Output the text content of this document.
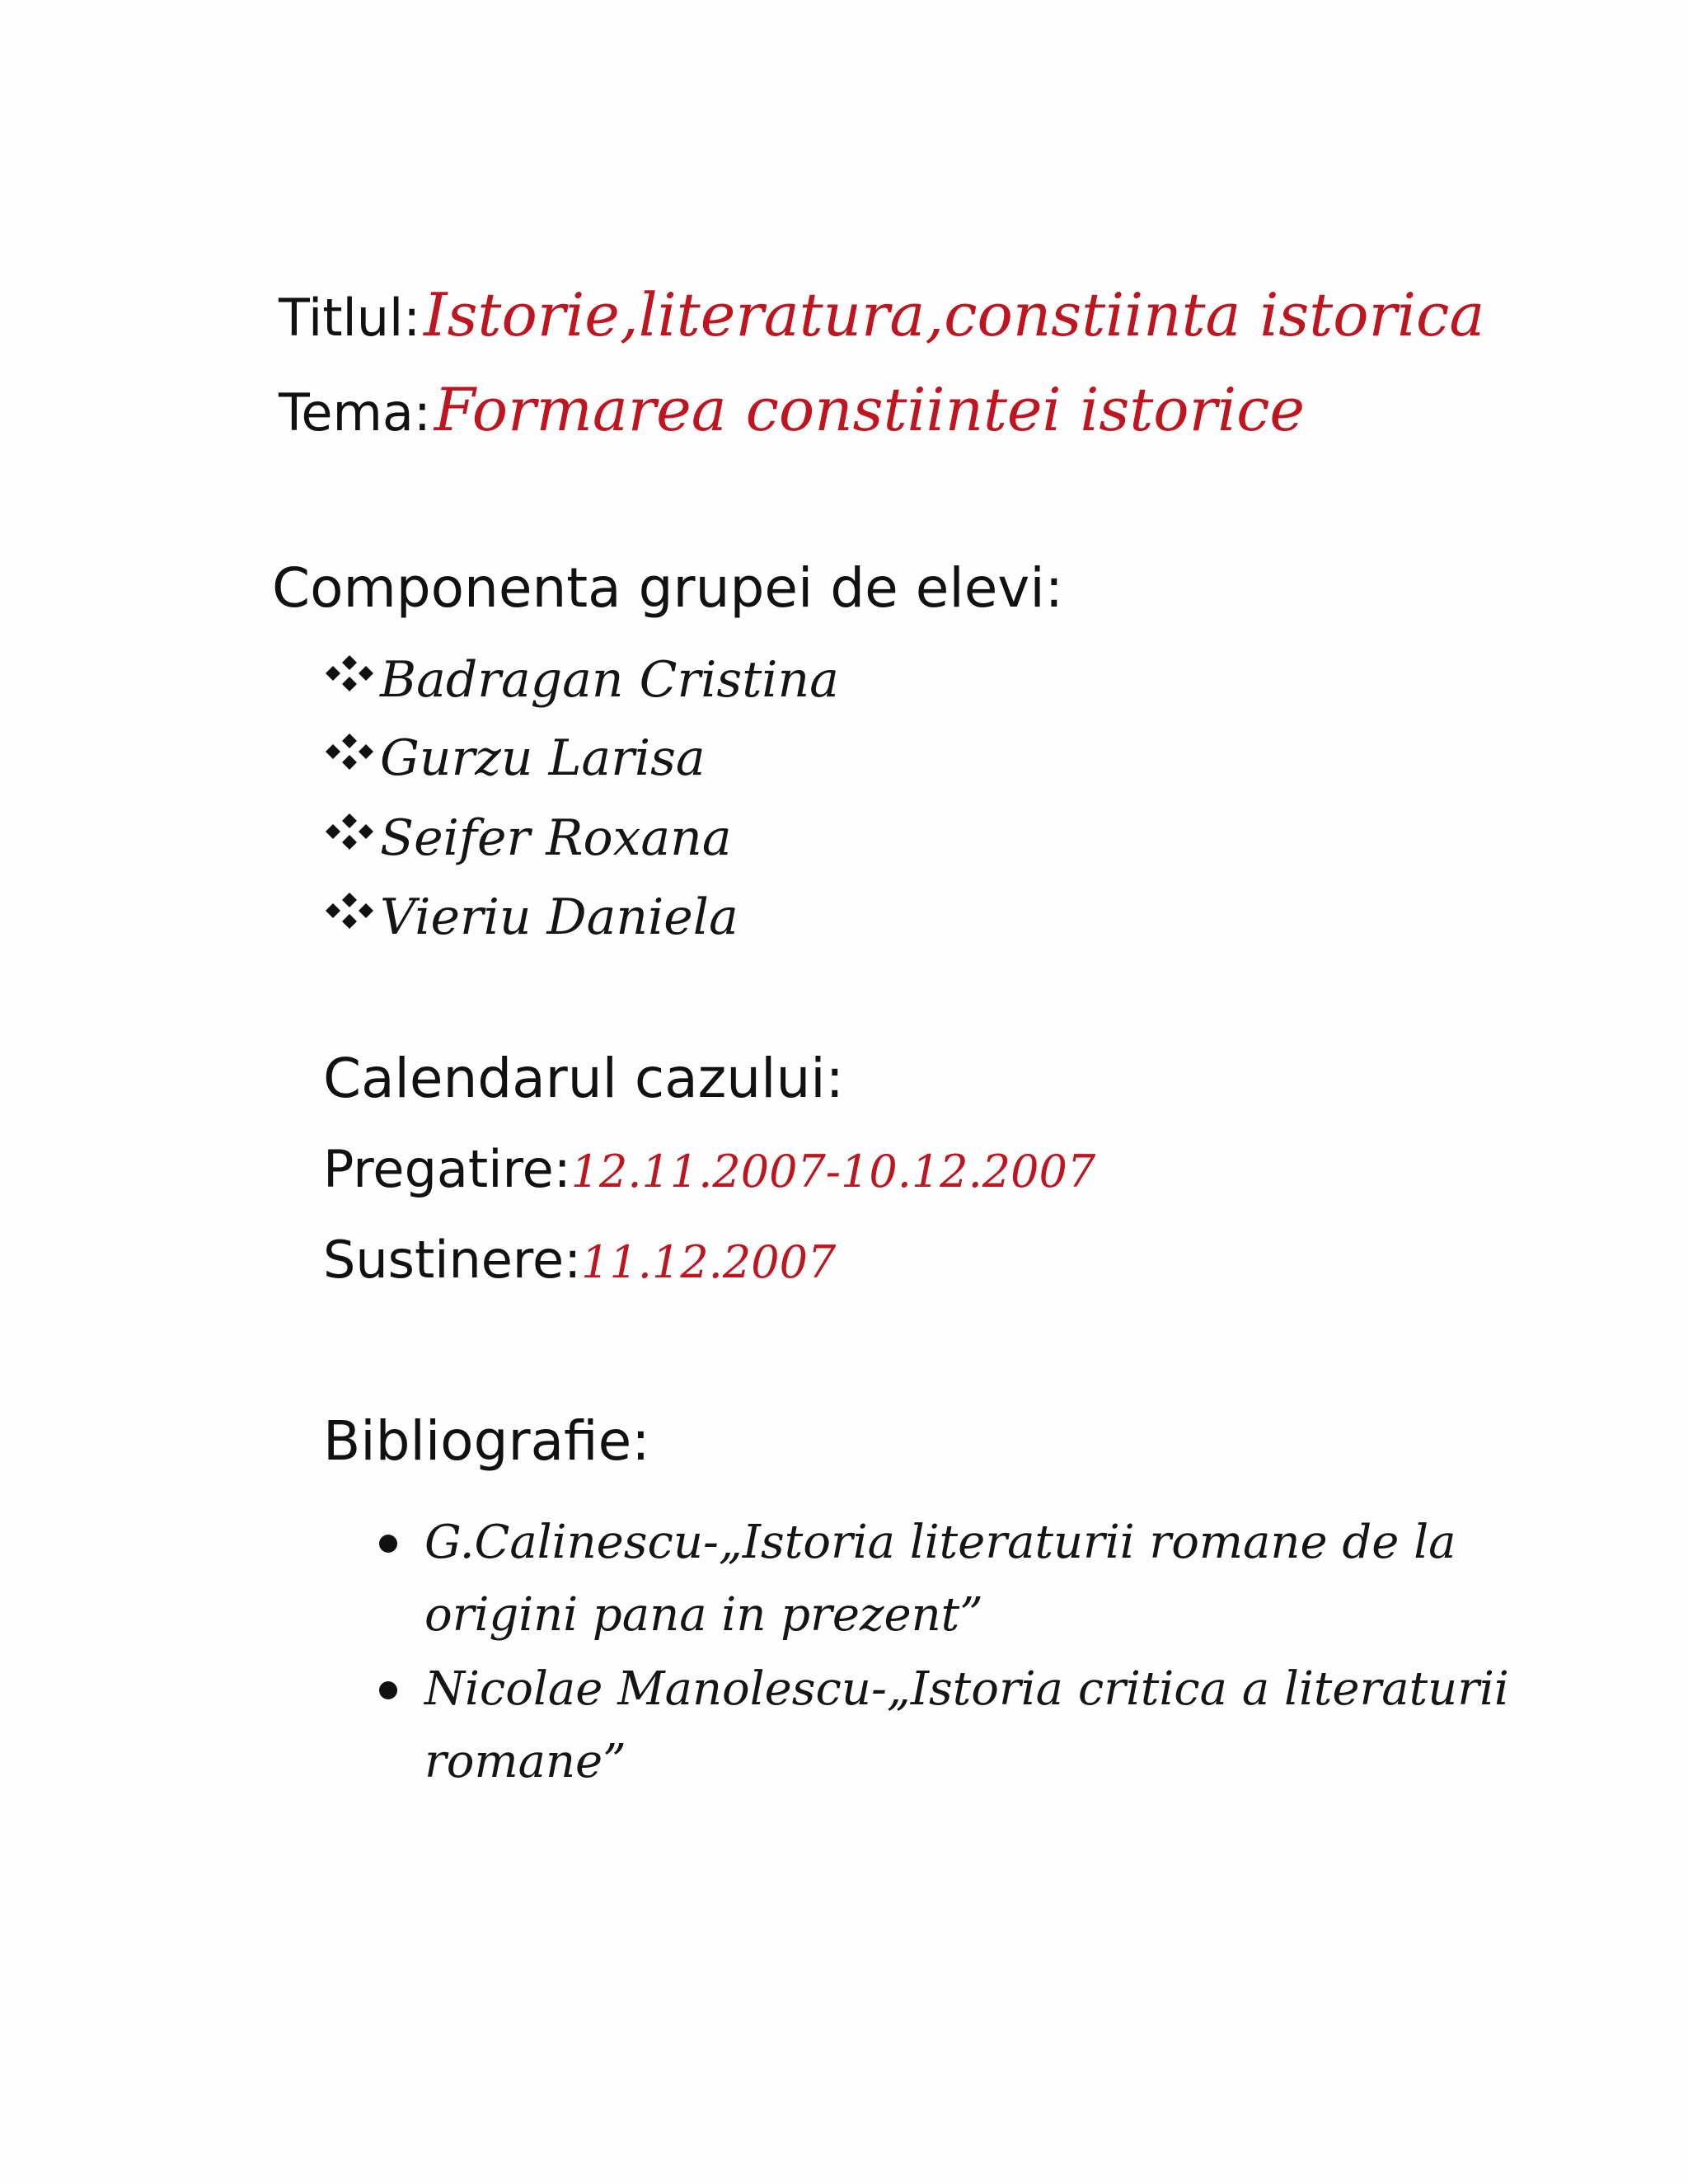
Titlul: Istorie,literatura,constiinta istorica
Tema: Formarea constiintei istorice
Componenta grupei de elevi:
Badragan Cristina
Gurzu Larisa
Seifer Roxana
Vieriu Daniela
Calendarul cazului:
Pregatire:12.11.2007-10.12.2007
Sustinere:11.12.2007
Bibliografie:
G.Calinescu-„Istoria literaturii romane de la origini pana in prezent”
Nicolae Manolescu-„Istoria critica a literaturii romane”
